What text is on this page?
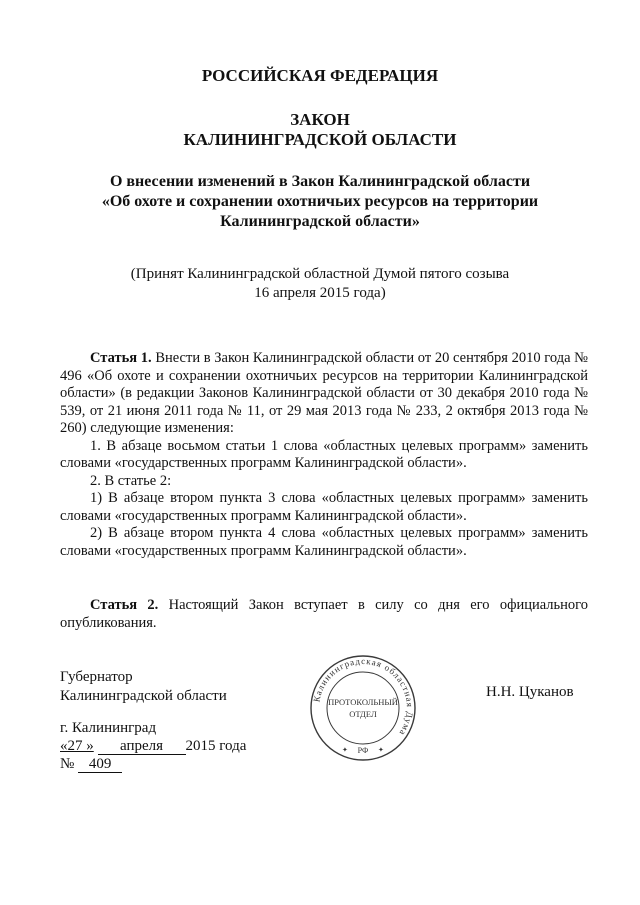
РОССИЙСКАЯ ФЕДЕРАЦИЯ
ЗАКОН
КАЛИНИНГРАДСКОЙ ОБЛАСТИ
О внесении изменений в Закон Калининградской области
«Об охоте и сохранении охотничьих ресурсов на территории
Калининградской области»
(Принят Калининградской областной Думой пятого созыва
16 апреля 2015 года)

Статья 1. Внести в Закон Калининградской области от 20 сентября 2010 года № 496 «Об охоте и сохранении охотничьих ресурсов на территории Калининградской области» (в редакции Законов Калининградской области от 30 декабря 2010 года № 539, от 21 июня 2011 года № 11, от 29 мая 2013 года № 233, 2 октября 2013 года № 260) следующие изменения:

1. В абзаце восьмом статьи 1 слова «областных целевых программ» заменить словами «государственных программ Калининградской области».

2. В статье 2:

1) В абзаце втором пункта 3 слова «областных целевых программ» заменить словами «государственных программ Калининградской области».

2) В абзаце втором пункта 4 слова «областных целевых программ» заменить словами «государственных программ Калининградской области».

Статья 2. Настоящий Закон вступает в силу со дня его официального опубликования.

Губернатор
Калининградской области	Н.Н. Цуканов
г. Калининград
«27 » апреля 2015 года
№ 409
Калининградская областная Дума
ПРОТОКОЛЬНЫЙ
ОТДЕЛ
РФ
✦	✦
